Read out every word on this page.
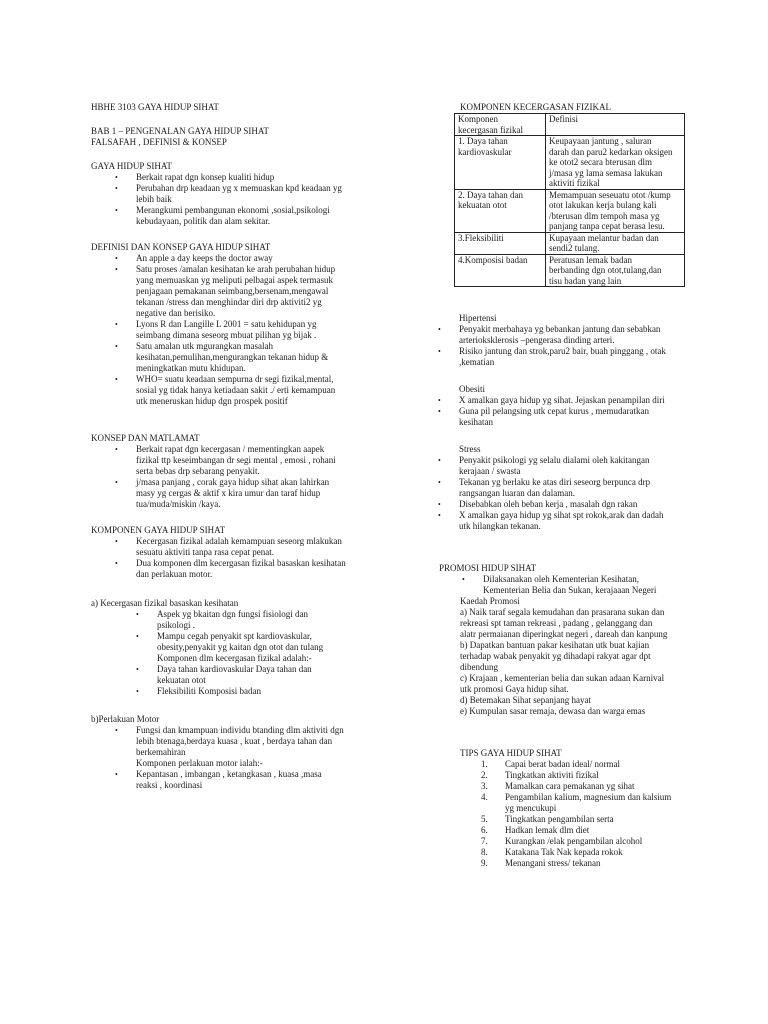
HBHE 3103 GAYA HIDUP SIHAT
BAB 1 – PENGENALAN GAYA HIDUP SIHAT
FALSAFAH , DEFINISI & KONSEP
GAYA HIDUP SIHAT
• Berkait rapat dgn konsep kualiti hidup
• Perubahan drp keadaan yg x memuaskan kpd keadaan yg
lebih baik
• Merangkumi pembangunan ekonomi ,sosial,psikologi
kebudayaan, politik dan alam sekitar.
DEFINISI DAN KONSEP GAYA HIDUP SIHAT
• An apple a day keeps the doctor away
• Satu proses /amalan kesihatan ke arah perubahan hidup
yang memuaskan yg meliputi pelbagai aspek termasuk
penjagaan pemakanan seimbang,bersenam,mengawal
tekanan /stress dan menghindar diri drp aktiviti2 yg
negative dan berisiko.
• Lyons R dan Langille L 2001 = satu kehidupan yg
seimbang dimana seseorg mbuat pilihan yg bijak .
• Satu amalan utk mgurangkan masalah
kesihatan,pemulihan,mengurangkan tekanan hidup &
meningkatkan mutu khidupan.
• WHO= suatu keadaan sempurna dr segi fizikal,mental,
sosial yg tidak hanya ketiadaan sakit ./ erti kemampuan
utk meneruskan hidup dgn prospek positif
KONSEP DAN MATLAMAT
• Berkait rapat dgn kecergasan / mementingkan aapek
fizikal ttp keseimbangan dr segi mental , emosi , rohani
serta bebas drp sebarang penyakit.
• j/masa panjang , corak gaya hidup sihat akan lahirkan
masy yg cergas & aktif x kira umur dan taraf hidup
tua/muda/miskin /kaya.
KOMPONEN GAYA HIDUP SIHAT
• Kecergasan fizikal adalah kemampuan seseorg mlakukan
sesuatu aktiviti tanpa rasa cepat penat.
• Dua komponen dlm kecergasan fizikal basaskan kesihatan
dan perlakuan motor.
a) Kecergasan fizikal basaskan kesihatan
• Aspek yg bkaitan dgn fungsi fisiologi dan
psikologi .
• Mampu cegah penyakit spt kardiovaskular,
obesity,penyakit yg kaitan dgn otot dan tulang
Komponen dlm kecergasan fizikal adalah:-
• Daya tahan kardiovaskular Daya tahan dan
kekuatan otot
• Fleksibiliti Komposisi badan
b)Perlakuan Motor
• Fungsi dan kmampuan individu btanding dlm aktiviti dgn
lebih btenaga,berdaya kuasa , kuat , berdaya tahan dan
berkemahiran
Komponen perlakuan motor ialah:-
• Kepantasan , imbangan , ketangkasan , kuasa ,masa
reaksi , koordinasi
KOMPONEN KECERGASAN FIZIKAL
Komponen
kecergasan fizikal	Definisi

1. Daya tahan
kardiovaskular	Keupayaan jantung , saluran
darah dan paru2 kedarkan oksigen
ke otot2 secara bterusan dlm
j/masa yg lama semasa lakukan
aktiviti fizikal

2. Daya tahan dan
kekuatan otot	Memampuan seseuatu otot /kump
otot lakukan kerja bulang kali
/bterusan dlm tempoh masa yg
panjang tanpa cepat berasa lesu.

3.Fleksibiliti	Kupayaan melantur badan dan
sendi2 tulang.

4.Komposisi badan	Peratusan lemak badan
berbanding dgn otot,tulang,dan
tisu badan yang lain
Hipertensi
• Penyakit merbahaya yg bebankan jantung dan sebabkan
arterioksklerosis –pengerasa dinding arteri.
• Risiko jantung dan strok,paru2 bair, buah pinggang , otak
,kematian
Obesiti
• X amalkan gaya hidup yg sihat. Jejaskan penampilan diri
• Guna pil pelangsing utk cepat kurus , memudaratkan
kesihatan
Stress
• Penyakit psikologi yg selalu dialami oleh kakitangan
kerajaan / swasta
• Tekanan yg berlaku ke atas diri seseorg berpunca drp
rangsangan luaran dan dalaman.
• Disebabkan oleh beban kerja , masalah dgn rakan
• X amalkan gaya hidup yg sihat spt rokok,arak dan dadah
utk hilangkan tekanan.
PROMOSI HIDUP SIHAT
• Dilaksanakan oleh Kementerian Kesihatan,
Kementerian Belia dan Sukan, kerajaaan Negeri
Kaedah Promosi
a) Naik taraf segala kemudahan dan prasarana sukan dan
rekreasi spt taman rekreasi , padang , gelanggang dan
alatr permaianan diperingkat negeri , dareah dan kanpung
b) Dapatkan bantuan pakar kesihatan utk buat kajian
terhadap wabak penyakit yg dihadapi rakyat agar dpt
dibendung
c) Krajaan , kementerian belia dan sukan adaan Karnival
utk promosi Gaya hidup sihat.
d) Betemakan Sihat sepanjang hayat
e) Kumpulan sasar remaja, dewasa dan warga emas
TIPS GAYA HIDUP SIHAT
1. Capai berat badan ideal/ normal
2. Tingkatkan aktiviti fizikal
3. Mamalkan cara pemakanan yg sihat
4. Pengambilan kalium, magnesium dan kalsium
yg mencukupi
5. Tingkatkan pengambilan serta
6. Hadkan lemak dlm diet
7. Kurangkan /elak pengambilan alcohol
8. Katakana Tak Nak kepada rokok
9. Menangani stress/ tekanan
